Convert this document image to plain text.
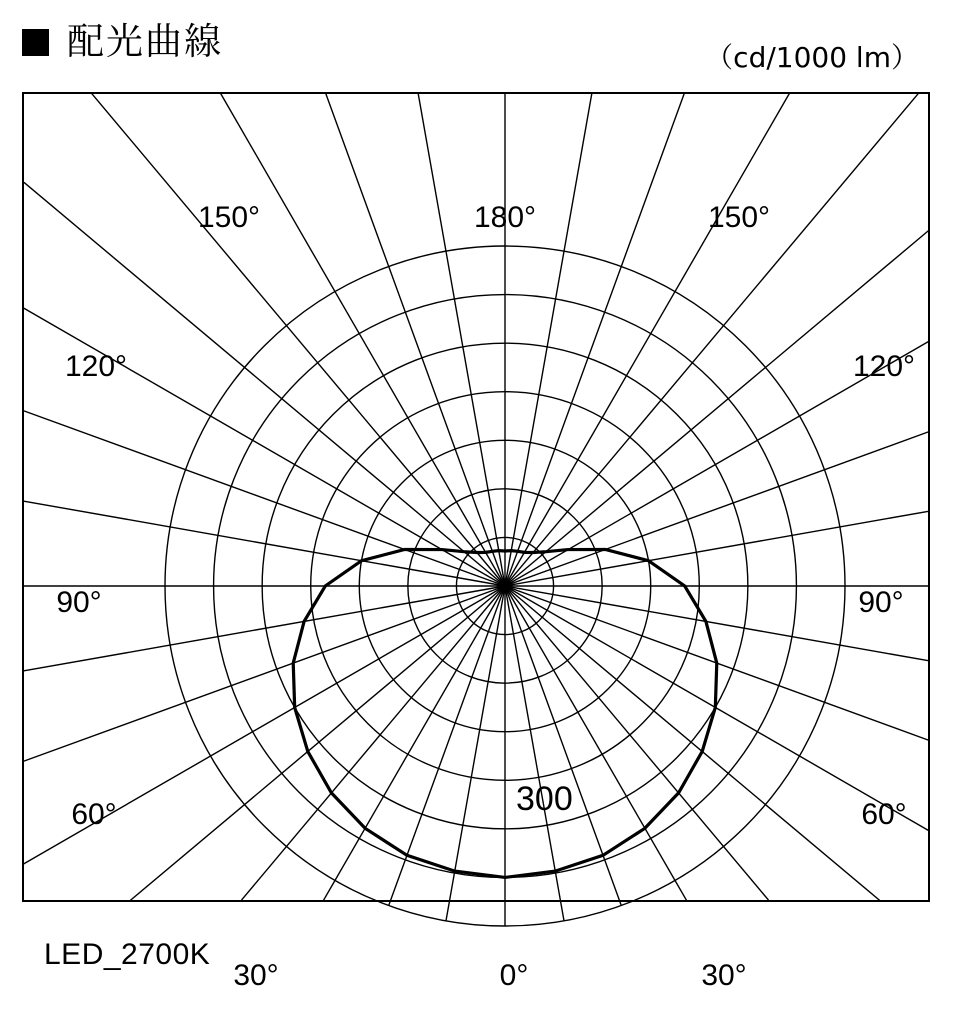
配光曲線	（cd/1000 lm）
150°	180°	150°
120°	120°
90°	90°
60°	60°
30°	30°
0°
300
LED_2700K
